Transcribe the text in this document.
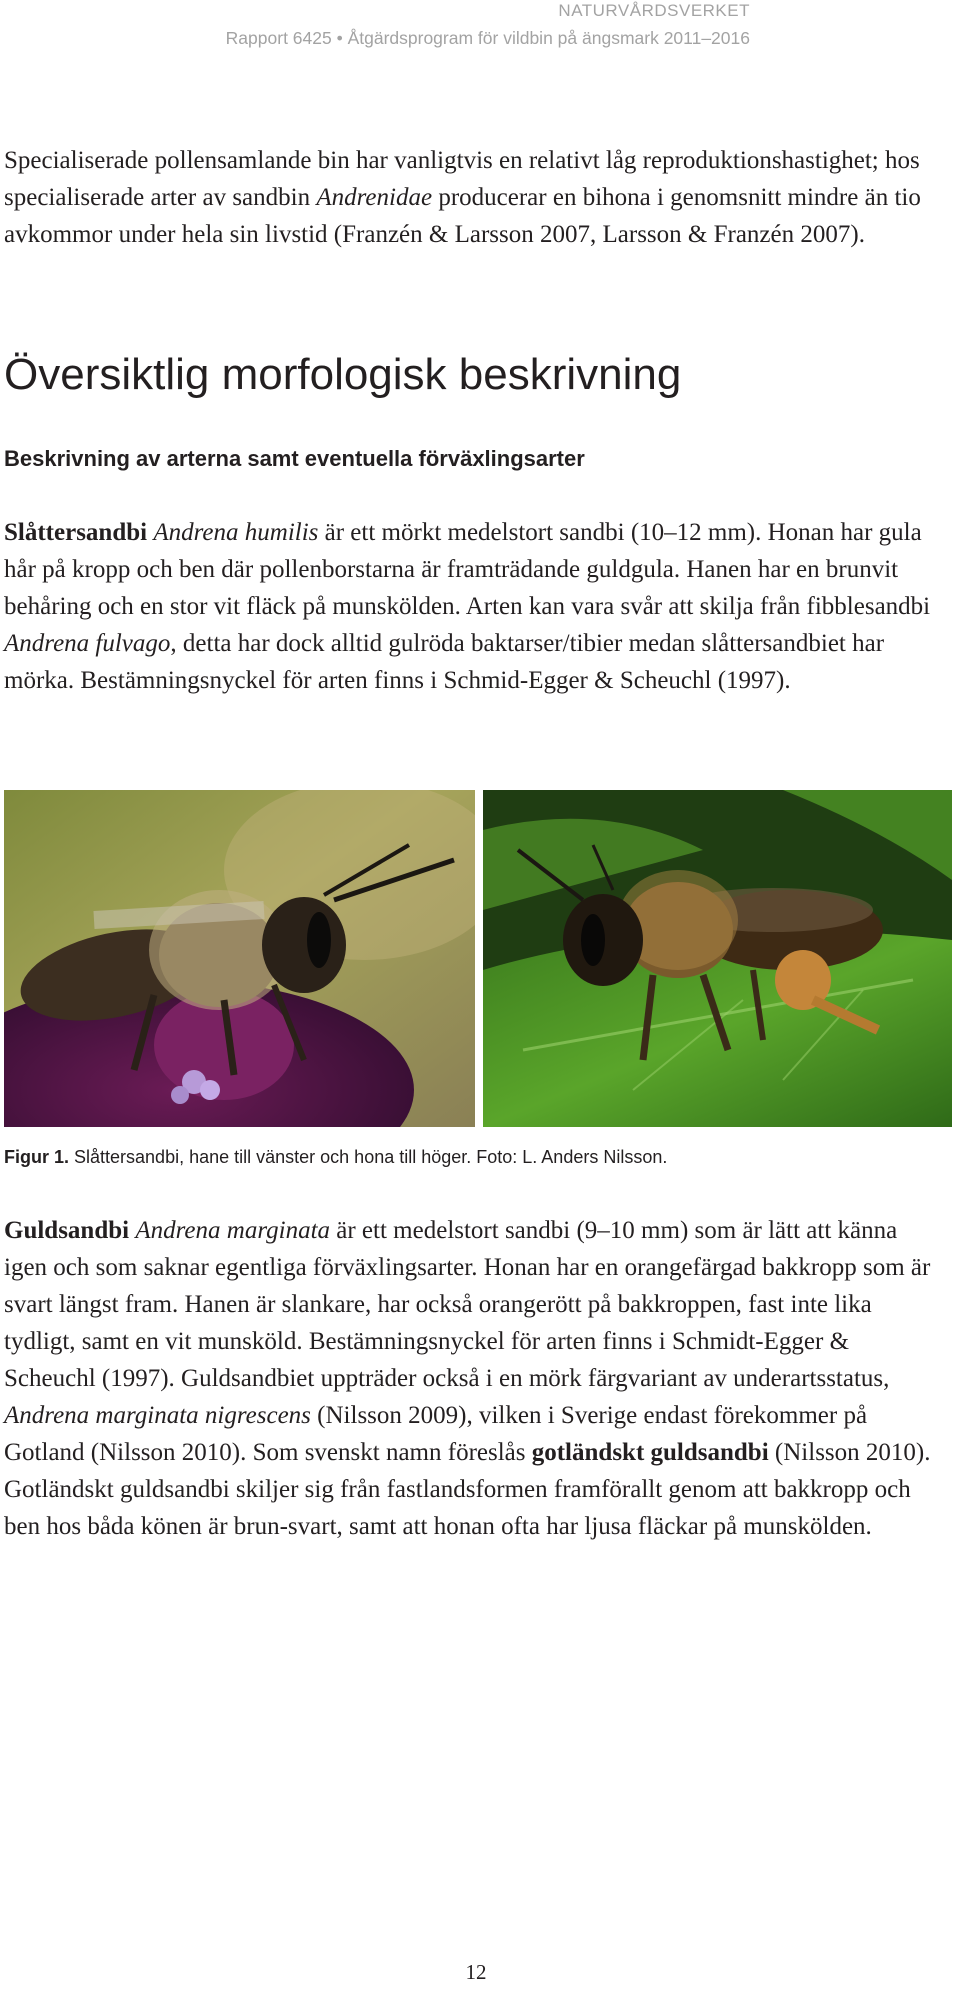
NATURVÅRDSVERKET
Rapport 6425 • Åtgärdsprogram för vildbin på ängsmark 2011–2016

Specialiserade pollensamlande bin har vanligtvis en relativt låg reproduktionshastighet; hos specialiserade arter av sandbin Andrenidae producerar en bihona i genomsnitt mindre än tio avkommor under hela sin livstid (Franzén & Larsson 2007, Larsson & Franzén 2007).

Översiktlig morfologisk beskrivning
Beskrivning av arterna samt eventuella förväxlingsarter

Slåttersandbi Andrena humilis är ett mörkt medelstort sandbi (10–12 mm). Honan har gula hår på kropp och ben där pollenborstarna är framträdande guldgula. Hanen har en brunvit behåring och en stor vit fläck på munskölden. Arten kan vara svår att skilja från fibblesandbi Andrena fulvago, detta har dock alltid gulröda baktarser/tibier medan slåttersandbiet har mörka. Bestämningsnyckel för arten finns i Schmid-Egger & Scheuchl (1997).

Figur 1. Slåttersandbi, hane till vänster och hona till höger. Foto: L. Anders Nilsson.

Guldsandbi Andrena marginata är ett medelstort sandbi (9–10 mm) som är lätt att känna igen och som saknar egentliga förväxlingsarter. Honan har en orangefärgad bakkropp som är svart längst fram. Hanen är slankare, har också orangerött på bakkroppen, fast inte lika tydligt, samt en vit munsköld. Bestämningsnyckel för arten finns i Schmidt-Egger & Scheuchl (1997). Guldsandbiet uppträder också i en mörk färgvariant av underartsstatus, Andrena marginata nigrescens (Nilsson 2009), vilken i Sverige endast förekommer på Gotland (Nilsson 2010). Som svenskt namn föreslås gotländskt guldsandbi (Nilsson 2010). Gotländskt guldsandbi skiljer sig från fastlandsformen framförallt genom att bakkropp och ben hos båda könen är brun-svart, samt att honan ofta har ljusa fläckar på munskölden.

12
